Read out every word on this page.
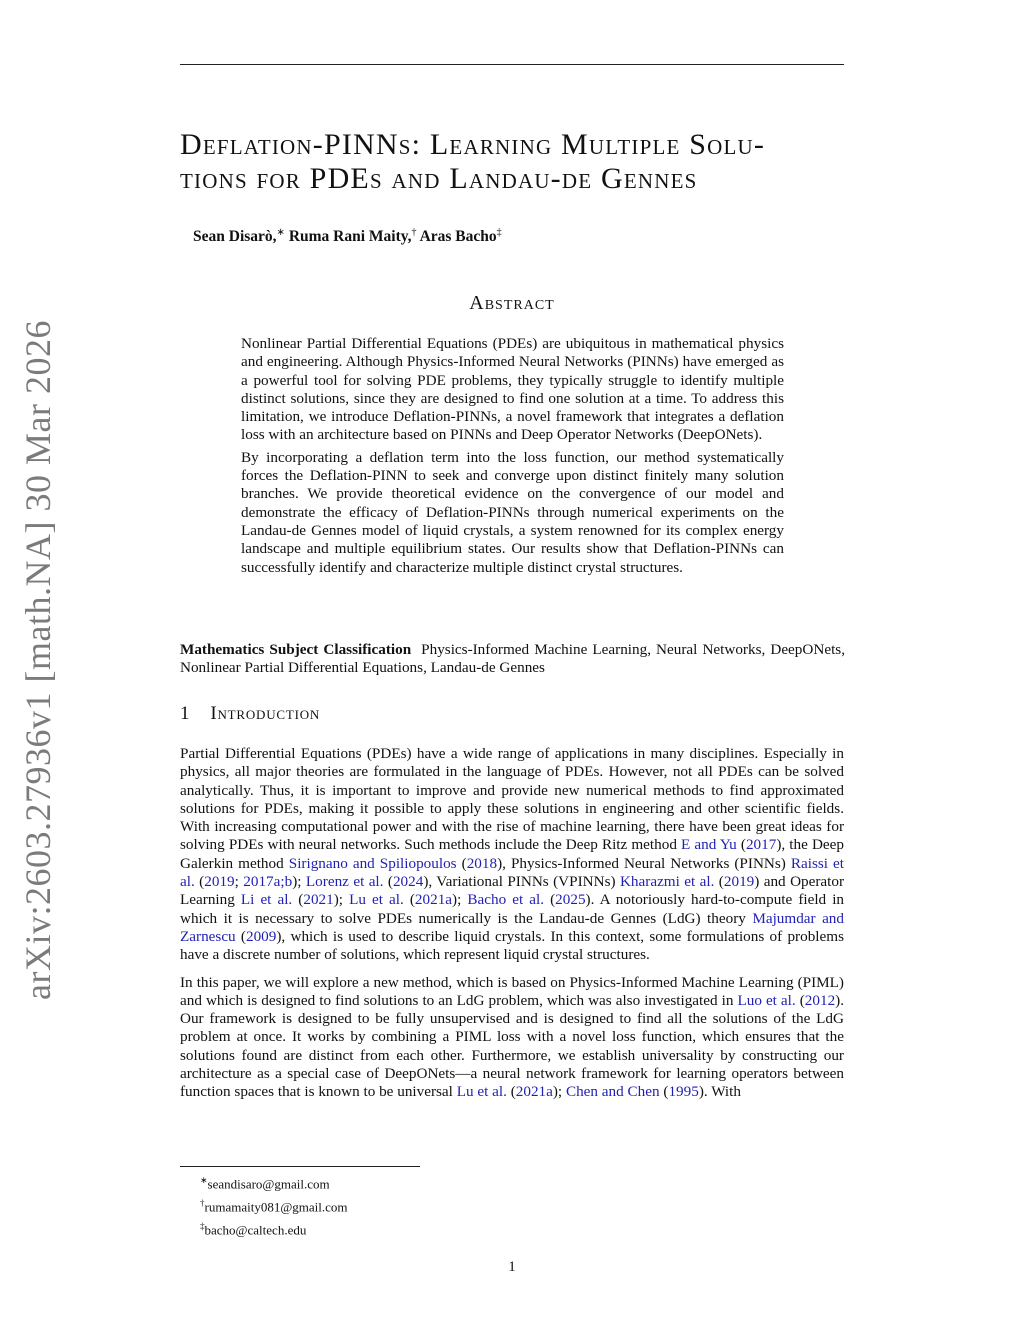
arXiv:2603.27936v1 [math.NA] 30 Mar 2026
Deflation-PINNs: Learning Multiple Solu-
tions for PDEs and Landau-de Gennes
Sean Disarò,∗ Ruma Rani Maity,† Aras Bacho‡
Abstract

Nonlinear Partial Differential Equations (PDEs) are ubiquitous in mathematical physics and engineering. Although Physics-Informed Neural Networks (PINNs) have emerged as a powerful tool for solving PDE problems, they typically struggle to identify multiple distinct solutions, since they are designed to find one solution at a time. To address this limitation, we introduce Deflation-PINNs, a novel framework that integrates a deflation loss with an architecture based on PINNs and Deep Operator Networks (DeepONets).

By incorporating a deflation term into the loss function, our method systematically forces the Deflation-PINN to seek and converge upon distinct finitely many solution branches. We provide theoretical evidence on the convergence of our model and demonstrate the efficacy of Deflation-PINNs through numerical experiments on the Landau-de Gennes model of liquid crystals, a system renowned for its complex energy landscape and multiple equilibrium states. Our results show that Deflation-PINNs can successfully identify and characterize multiple distinct crystal structures.

Mathematics Subject Classification Physics-Informed Machine Learning, Neural Networks, DeepONets, Nonlinear Partial Differential Equations, Landau-de Gennes
1 Introduction

Partial Differential Equations (PDEs) have a wide range of applications in many disciplines. Especially in physics, all major theories are formulated in the language of PDEs. However, not all PDEs can be solved analytically. Thus, it is important to improve and provide new numerical methods to find approximated solutions for PDEs, making it possible to apply these solutions in engineering and other scientific fields. With increasing computational power and with the rise of machine learning, there have been great ideas for solving PDEs with neural networks. Such methods include the Deep Ritz method E and Yu (2017), the Deep Galerkin method Sirignano and Spiliopoulos (2018), Physics-Informed Neural Networks (PINNs) Raissi et al. (2019; 2017a;b); Lorenz et al. (2024), Variational PINNs (VPINNs) Kharazmi et al. (2019) and Operator Learning Li et al. (2021); Lu et al. (2021a); Bacho et al. (2025). A notoriously hard-to-compute field in which it is necessary to solve PDEs numerically is the Landau-de Gennes (LdG) theory Majumdar and Zarnescu (2009), which is used to describe liquid crystals. In this context, some formulations of problems have a discrete number of solutions, which represent liquid crystal structures.

In this paper, we will explore a new method, which is based on Physics-Informed Machine Learning (PIML) and which is designed to find solutions to an LdG problem, which was also investigated in Luo et al. (2012). Our framework is designed to be fully unsupervised and is designed to find all the solutions of the LdG problem at once. It works by combining a PIML loss with a novel loss function, which ensures that the solutions found are distinct from each other. Furthermore, we establish universality by constructing our architecture as a special case of DeepONets—a neural network framework for learning operators between function spaces that is known to be universal Lu et al. (2021a); Chen and Chen (1995). With

∗seandisaro@gmail.com
†rumamaity081@gmail.com
‡bacho@caltech.edu
1
